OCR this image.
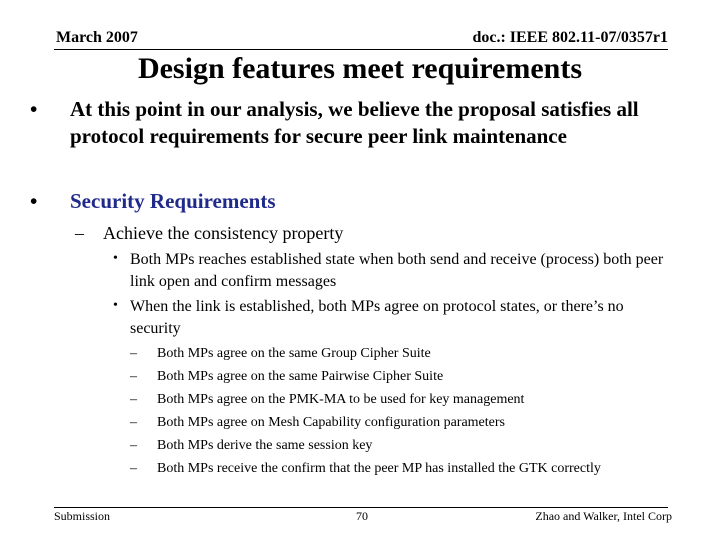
March 2007	doc.: IEEE 802.11-07/0357r1
Design features meet requirements
• At this point in our analysis, we believe the proposal satisfies all protocol requirements for secure peer link maintenance
• Security Requirements
– Achieve the consistency property
• Both MPs reaches established state when both send and receive (process) both peer link open and confirm messages
• When the link is established, both MPs agree on protocol states, or there’s no security
– Both MPs agree on the same Group Cipher Suite
– Both MPs agree on the same Pairwise Cipher Suite
– Both MPs agree on the PMK-MA to be used for key management
– Both MPs agree on Mesh Capability configuration parameters
– Both MPs derive the same session key
– Both MPs receive the confirm that the peer MP has installed the GTK correctly
Submission	70	Zhao and Walker, Intel Corp
